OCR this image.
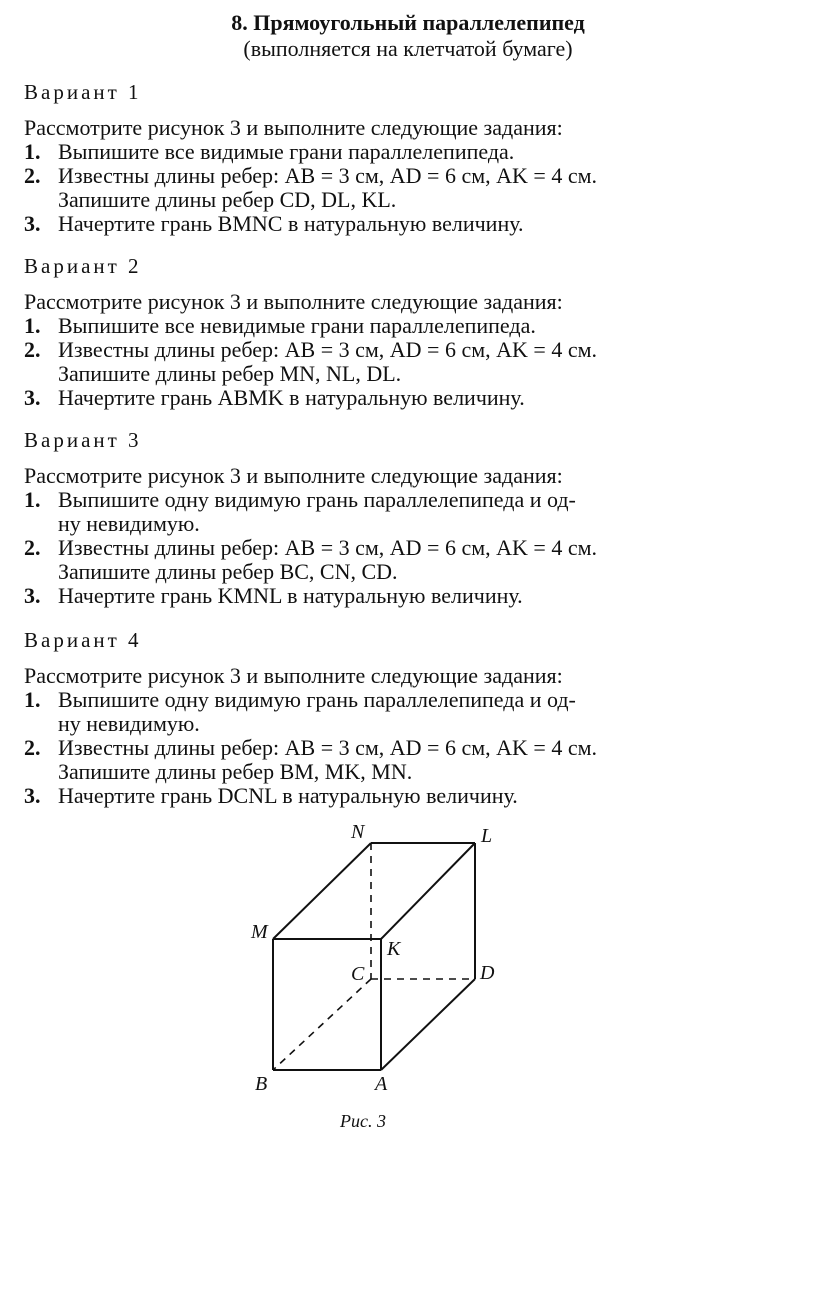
8. Прямоугольный параллелепипед
(выполняется на клетчатой бумаге)
Вариант 1
Рассмотрите рисунок 3 и выполните следующие задания:
1. Выпишите все видимые грани параллелепипеда.
2. Известны длины ребер: AB = 3 см, AD = 6 см, AK = 4 см.
Запишите длины ребер CD, DL, KL.
3. Начертите грань BMNC в натуральную величину.
Вариант 2
Рассмотрите рисунок 3 и выполните следующие задания:
1. Выпишите все невидимые грани параллелепипеда.
2. Известны длины ребер: AB = 3 см, AD = 6 см, AK = 4 см.
Запишите длины ребер MN, NL, DL.
3. Начертите грань ABMK в натуральную величину.
Вариант 3
Рассмотрите рисунок 3 и выполните следующие задания:
1. Выпишите одну видимую грань параллелепипеда и од-
ну невидимую.
2. Известны длины ребер: AB = 3 см, AD = 6 см, AK = 4 см.
Запишите длины ребер BC, CN, CD.
3. Начертите грань KMNL в натуральную величину.
Вариант 4
Рассмотрите рисунок 3 и выполните следующие задания:
1. Выпишите одну видимую грань параллелепипеда и од-
ну невидимую.
2. Известны длины ребер: AB = 3 см, AD = 6 см, AK = 4 см.
Запишите длины ребер BM, MK, MN.
3. Начертите грань DCNL в натуральную величину.
N	L
M
K
C	D
B	A
Рис. 3
